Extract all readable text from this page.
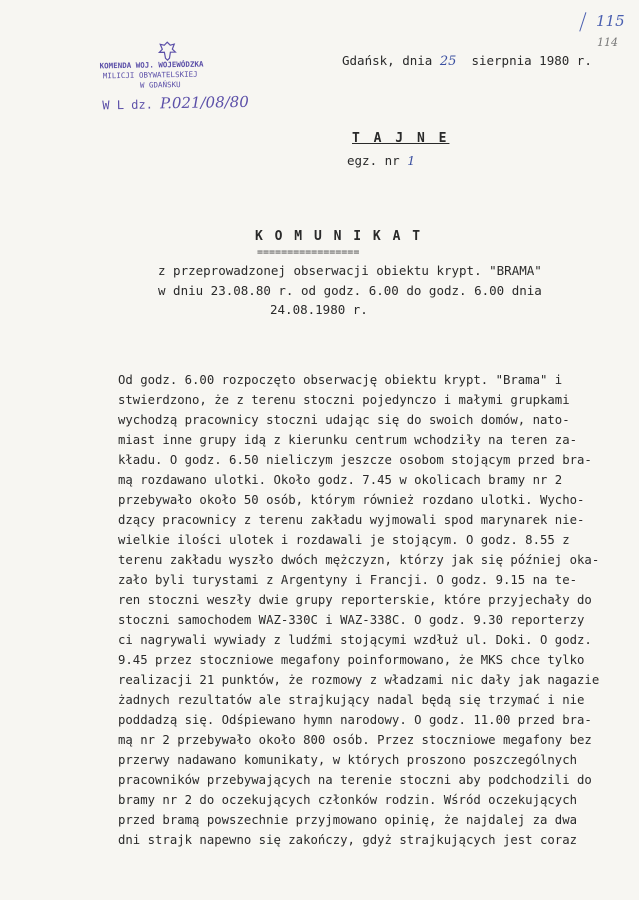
115
114
KOMENDA WOJ. WOJEWÓDZKA
MILICJI OBYWATELSKIEJ
W GDAŃSKU
W L dz. P.021/08/80
Gdańsk, dnia 25 sierpnia 1980 r.
T A J N E
egz. nr 1
K O M U N I K A T
=================
z przeprowadzonej obserwacji obiektu krypt. "BRAMA"
w dniu 23.08.80 r. od godz. 6.00 do godz. 6.00 dnia
24.08.1980 r.
Od godz. 6.00 rozpoczęto obserwację obiektu krypt. "Brama" i
stwierdzono, że z terenu stoczni pojedynczo i małymi grupkami
wychodzą pracownicy stoczni udając się do swoich domów, nato-
miast inne grupy idą z kierunku centrum wchodziły na teren za-
kładu. O godz. 6.50 nieliczym jeszcze osobom stojącym przed bra-
mą rozdawano ulotki. Około godz. 7.45 w okolicach bramy nr 2
przebywało około 50 osób, którym również rozdano ulotki. Wycho-
dzący pracownicy z terenu zakładu wyjmowali spod marynarek nie-
wielkie ilości ulotek i rozdawali je stojącym. O godz. 8.55 z
terenu zakładu wyszło dwóch mężczyzn, którzy jak się później oka-
zało byli turystami z Argentyny i Francji. O godz. 9.15 na te-
ren stoczni weszły dwie grupy reporterskie, które przyjechały do
stoczni samochodem WAZ-330C i WAZ-338C. O godz. 9.30 reporterzy
ci nagrywali wywiady z ludźmi stojącymi wzdłuż ul. Doki. O godz.
9.45 przez stoczniowe megafony poinformowano, że MKS chce tylko
realizacji 21 punktów, że rozmowy z władzami nic dały jak nagazie
żadnych rezultatów ale strajkujący nadal będą się trzymać i nie
poddadzą się. Odśpiewano hymn narodowy. O godz. 11.00 przed bra-
mą nr 2 przebywało około 800 osób. Przez stoczniowe megafony bez
przerwy nadawano komunikaty, w których proszono poszczególnych
pracowników przebywających na terenie stoczni aby podchodzili do
bramy nr 2 do oczekujących członków rodzin. Wśród oczekujących
przed bramą powszechnie przyjmowano opinię, że najdalej za dwa
dni strajk napewno się zakończy, gdyż strajkujących jest coraz
